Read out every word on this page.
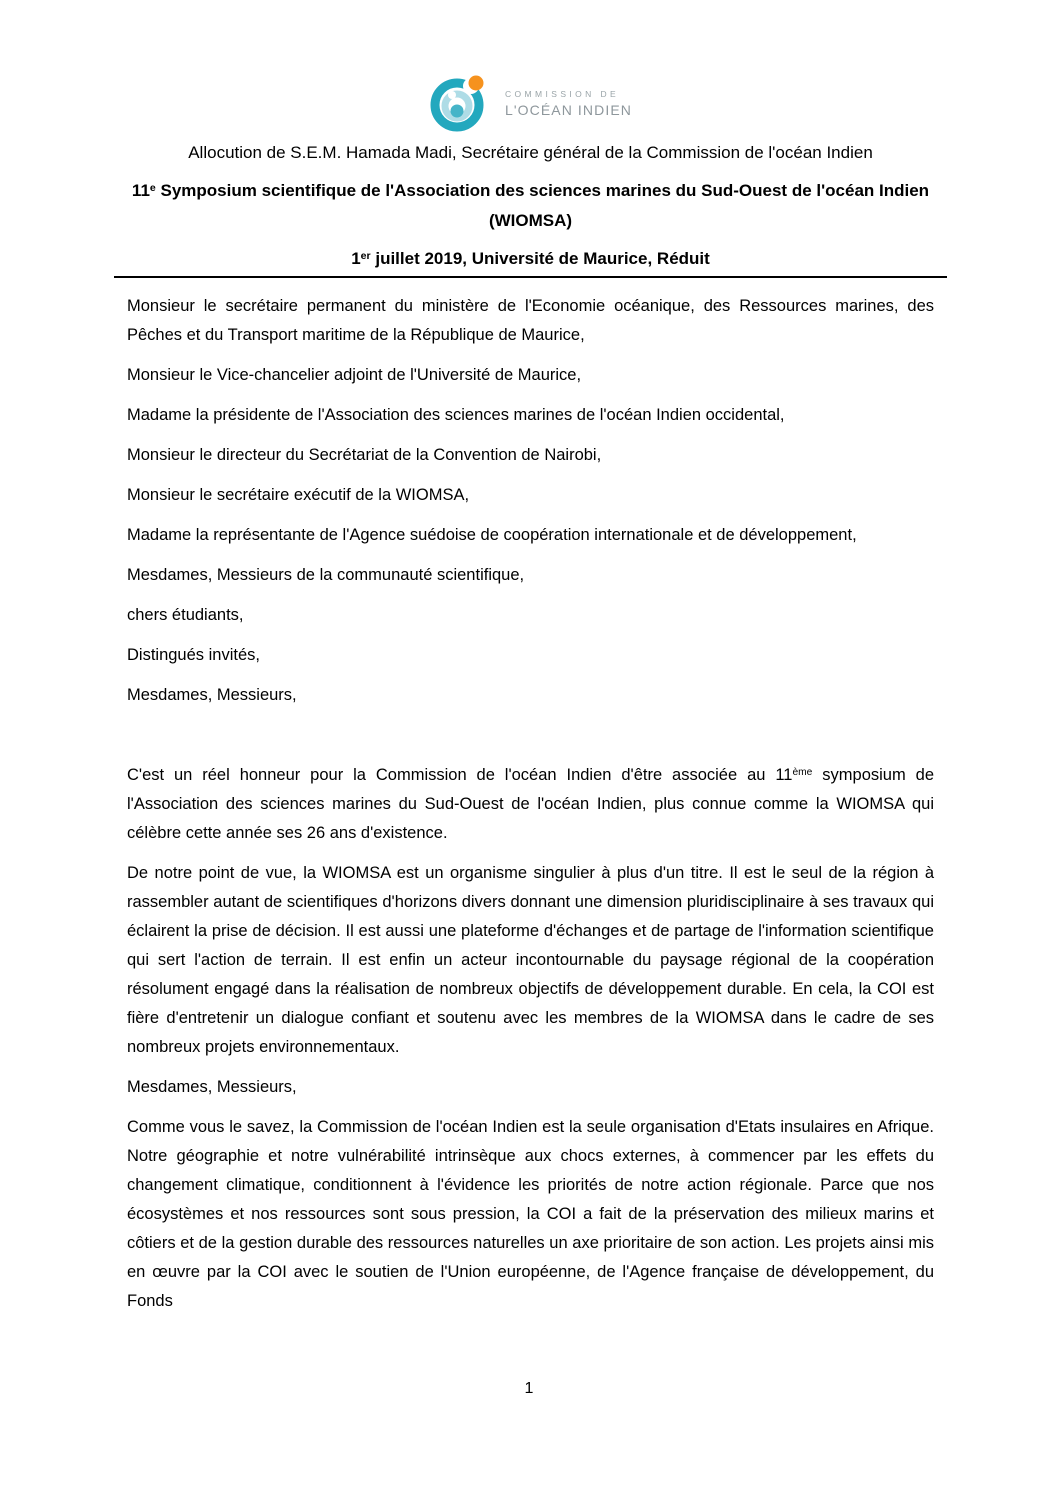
COMMISSION DE
L'OCÉAN INDIEN

Allocution de S.E.M. Hamada Madi, Secrétaire général de la Commission de l'océan Indien

11e Symposium scientifique de l'Association des sciences marines du Sud-Ouest de l'océan Indien
(WIOMSA)

1er juillet 2019, Université de Maurice, Réduit

Monsieur le secrétaire permanent du ministère de l'Economie océanique, des Ressources marines, des Pêches et du Transport maritime de la République de Maurice,

Monsieur le Vice-chancelier adjoint de l'Université de Maurice,

Madame la présidente de l'Association des sciences marines de l'océan Indien occidental,

Monsieur le directeur du Secrétariat de la Convention de Nairobi,

Monsieur le secrétaire exécutif de la WIOMSA,

Madame la représentante de l'Agence suédoise de coopération internationale et de développement,

Mesdames, Messieurs de la communauté scientifique,

chers étudiants,

Distingués invités,

Mesdames, Messieurs,

C'est un réel honneur pour la Commission de l'océan Indien d'être associée au 11ème symposium de l'Association des sciences marines du Sud-Ouest de l'océan Indien, plus connue comme la WIOMSA qui célèbre cette année ses 26 ans d'existence.

De notre point de vue, la WIOMSA est un organisme singulier à plus d'un titre. Il est le seul de la région à rassembler autant de scientifiques d'horizons divers donnant une dimension pluridisciplinaire à ses travaux qui éclairent la prise de décision. Il est aussi une plateforme d'échanges et de partage de l'information scientifique qui sert l'action de terrain. Il est enfin un acteur incontournable du paysage régional de la coopération résolument engagé dans la réalisation de nombreux objectifs de développement durable. En cela, la COI est fière d'entretenir un dialogue confiant et soutenu avec les membres de la WIOMSA dans le cadre de ses nombreux projets environnementaux.

Mesdames, Messieurs,

Comme vous le savez, la Commission de l'océan Indien est la seule organisation d'Etats insulaires en Afrique. Notre géographie et notre vulnérabilité intrinsèque aux chocs externes, à commencer par les effets du changement climatique, conditionnent à l'évidence les priorités de notre action régionale. Parce que nos écosystèmes et nos ressources sont sous pression, la COI a fait de la préservation des milieux marins et côtiers et de la gestion durable des ressources naturelles un axe prioritaire de son action. Les projets ainsi mis en œuvre par la COI avec le soutien de l'Union européenne, de l'Agence française de développement, du Fonds

1
